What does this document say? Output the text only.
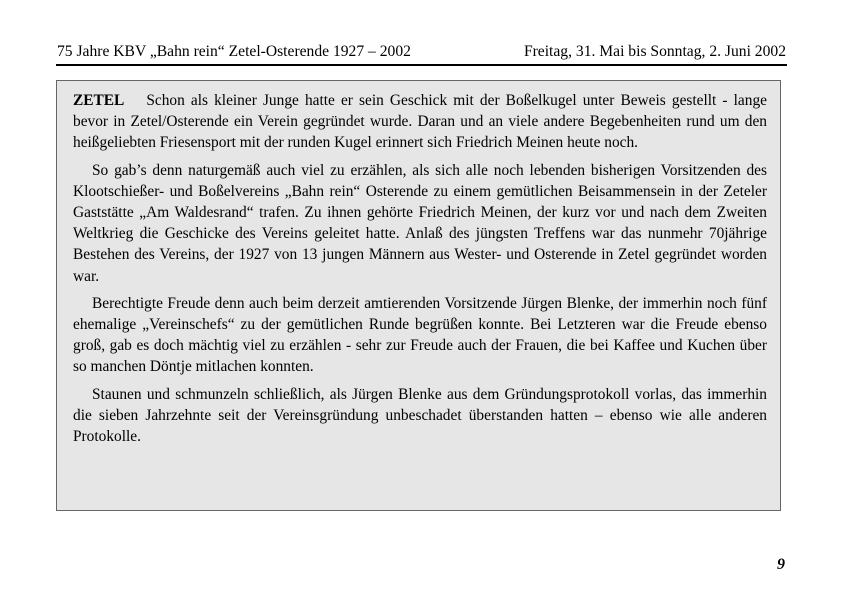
75 Jahre KBV „Bahn rein“ Zetel-Osterende 1927 – 2002	Freitag, 31. Mai bis Sonntag, 2. Juni 2002

ZETEL Schon als kleiner Junge hatte er sein Geschick mit der Boßelkugel unter Beweis gestellt - lange bevor in Zetel/Osterende ein Verein gegründet wurde. Daran und an viele andere Begebenheiten rund um den heißgeliebten Friesensport mit der runden Kugel erinnert sich Friedrich Meinen heute noch.

So gab’s denn naturgemäß auch viel zu erzählen, als sich alle noch lebenden bisherigen Vorsitzenden des Klootschießer- und Boßelvereins „Bahn rein“ Osterende zu einem gemütlichen Beisammensein in der Zeteler Gaststätte „Am Waldesrand“ trafen. Zu ihnen gehörte Friedrich Meinen, der kurz vor und nach dem Zweiten Weltkrieg die Geschicke des Vereins geleitet hatte. Anlaß des jüngsten Treffens war das nunmehr 70jährige Bestehen des Vereins, der 1927 von 13 jungen Männern aus Wester- und Osterende in Zetel gegründet worden war.

Berechtigte Freude denn auch beim derzeit amtierenden Vorsitzende Jürgen Blenke, der immerhin noch fünf ehemalige „Vereinschefs“ zu der gemütlichen Runde begrüßen konnte. Bei Letzteren war die Freude ebenso groß, gab es doch mächtig viel zu erzählen - sehr zur Freude auch der Frauen, die bei Kaffee und Kuchen über so manchen Döntje mitlachen konnten.

Staunen und schmunzeln schließlich, als Jürgen Blenke aus dem Gründungsprotokoll vorlas, das immerhin die sieben Jahrzehnte seit der Vereinsgründung unbeschadet überstanden hatten – ebenso wie alle anderen Protokolle.

9
